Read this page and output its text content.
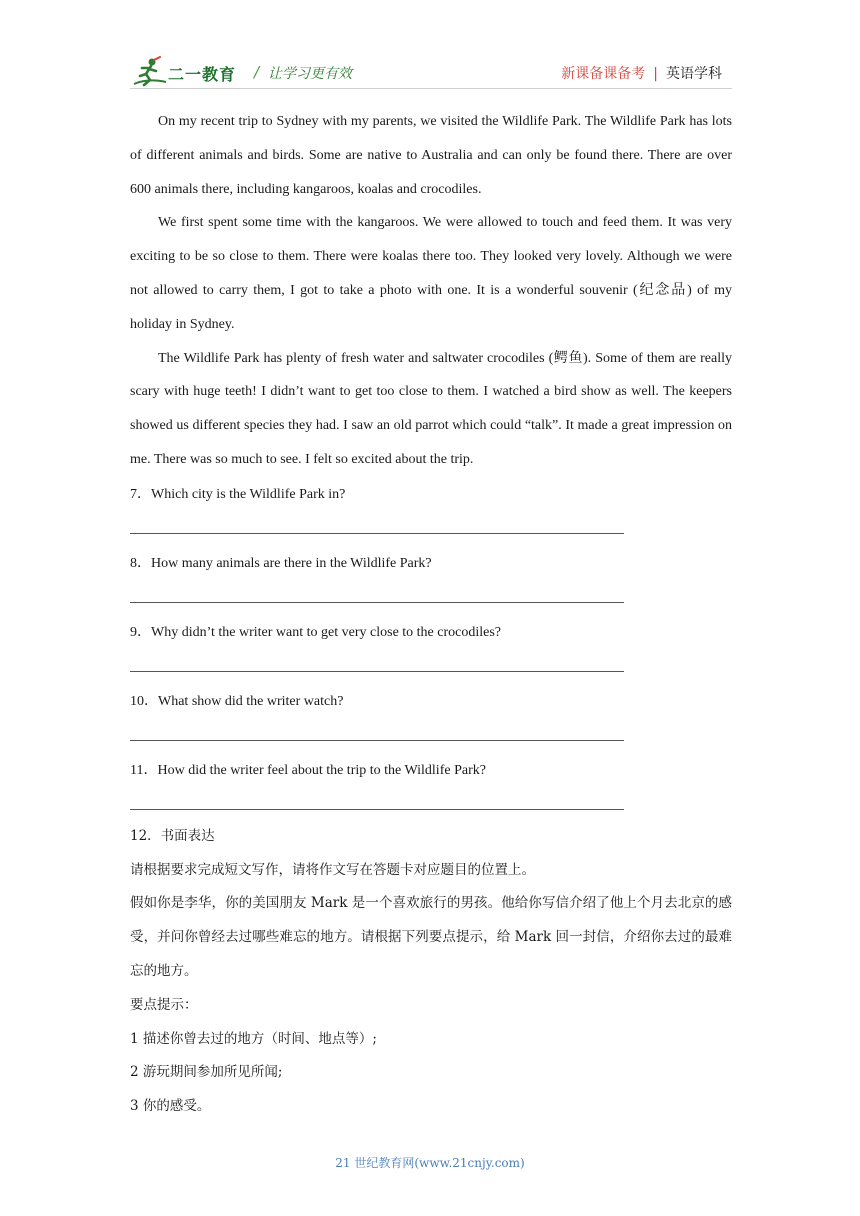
二一教育 / 让学习更有效	新课备课备考 | 英语学科

On my recent trip to Sydney with my parents, we visited the Wildlife Park. The Wildlife Park has lots of different animals and birds. Some are native to Australia and can only be found there. There are over 600 animals there, including kangaroos, koalas and crocodiles.

We first spent some time with the kangaroos. We were allowed to touch and feed them. It was very exciting to be so close to them. There were koalas there too. They looked very lovely. Although we were not allowed to carry them, I got to take a photo with one. It is a wonderful souvenir (纪念品) of my holiday in Sydney.

The Wildlife Park has plenty of fresh water and saltwater crocodiles (鳄鱼). Some of them are really scary with huge teeth! I didn’t want to get too close to them. I watched a bird show as well. The keepers showed us different species they had. I saw an old parrot which could “talk”. It made a great impression on me. There was so much to see. I felt so excited about the trip.

7．Which city is the Wildlife Park in?

8．How many animals are there in the Wildlife Park?

9．Why didn’t the writer want to get very close to the crocodiles?

10．What show did the writer watch?

11．How did the writer feel about the trip to the Wildlife Park?

12．书面表达

请根据要求完成短文写作，请将作文写在答题卡对应题目的位置上。

假如你是李华，你的美国朋友 Mark 是一个喜欢旅行的男孩。他给你写信介绍了他上个月去北京的感受，并问你曾经去过哪些难忘的地方。请根据下列要点提示，给 Mark 回一封信，介绍你去过的最难忘的地方。

要点提示：

1 描述你曾去过的地方（时间、地点等）;

2 游玩期间参加所见所闻;

3 你的感受。

21 世纪教育网(www.21cnjy.com)
